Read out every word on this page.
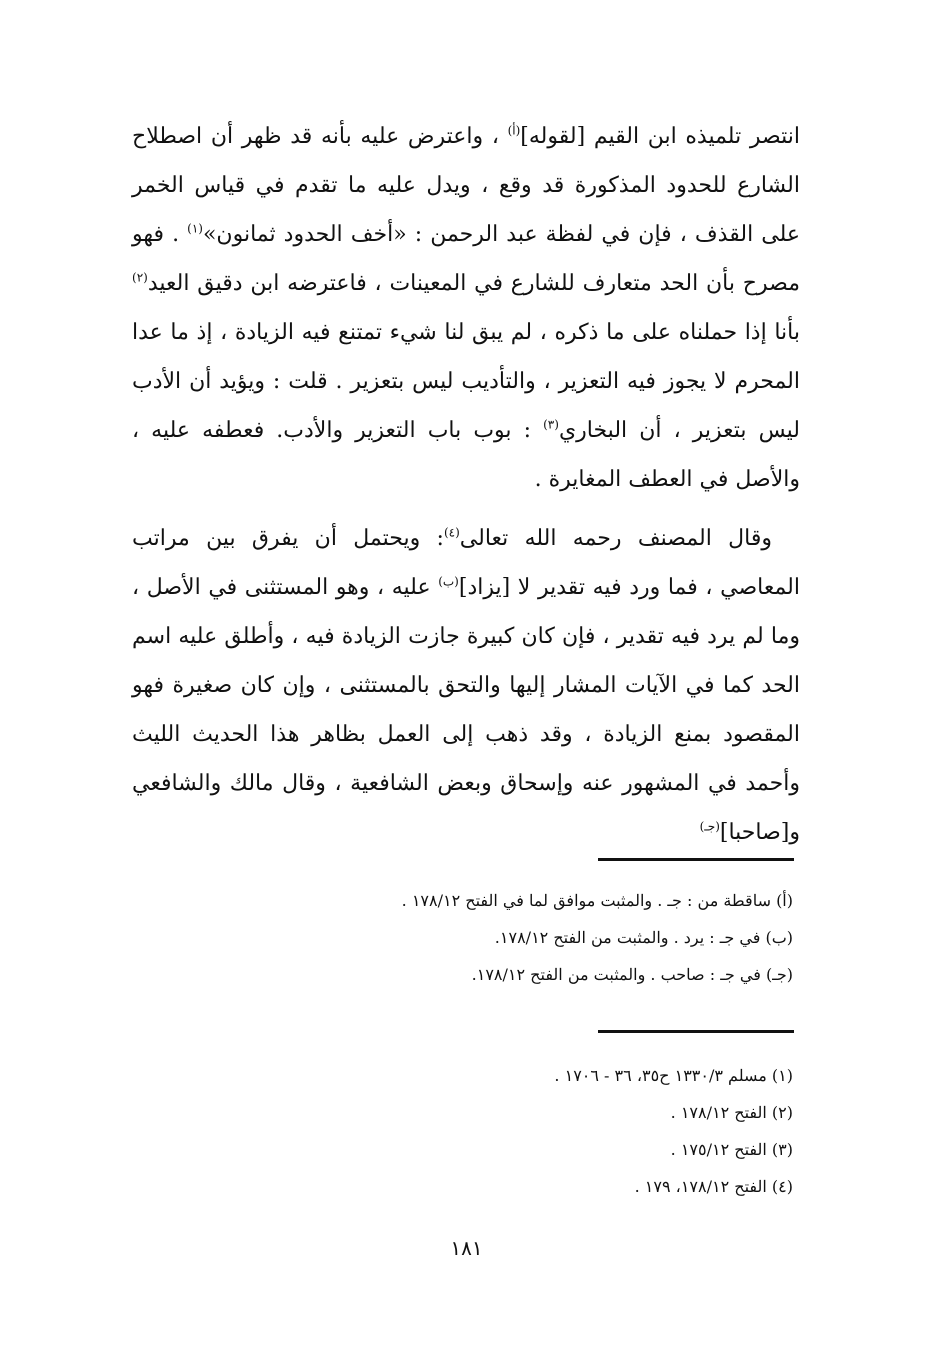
انتصر تلميذه ابن القيم [لقوله]$^{(أ)}$ ، واعترض عليه بأنه قد ظهر أن اصطلاح الشارع للحدود المذكورة قد وقع ، ويدل عليه ما تقدم في قياس الخمر على القذف ، فإن في لفظة عبد الرحمن : «أخف الحدود ثمانون»$^{(١)}$ . فهو مصرح بأن الحد متعارف للشارع في المعينات ، فاعترضه ابن دقيق العيد$^{(٢)}$ بأنا إذا حملناه على ما ذكره ، لم يبق لنا شيء تمتنع فيه الزيادة ، إذ ما عدا المحرم لا يجوز فيه التعزير ، والتأديب ليس بتعزير . قلت : ويؤيد أن الأدب ليس بتعزير ، أن البخاري$^{(٣)}$ : بوب باب التعزير والأدب. فعطفه عليه ، والأصل في العطف المغايرة .

وقال المصنف رحمه الله تعالى$^{(٤)}$: ويحتمل أن يفرق بين مراتب المعاصي ، فما ورد فيه تقدير لا [يزاد]$^{(ب)}$ عليه ، وهو المستثنى في الأصل ، وما لم يرد فيه تقدير ، فإن كان كبيرة جازت الزيادة فيه ، وأطلق عليه اسم الحد كما في الآيات المشار إليها والتحق بالمستثنى ، وإن كان صغيرة فهو المقصود بمنع الزيادة ، وقد ذهب إلى العمل بظاهر هذا الحديث الليث وأحمد في المشهور عنه وإسحاق وبعض الشافعية ، وقال مالك والشافعي و[صاحبا]$^{(جـ)}$

(أ) ساقطة من : جـ . والمثبت موافق لما في الفتح ١٧٨/١٢ .
(ب) في جـ : يرد . والمثبت من الفتح ١٧٨/١٢.
(جـ) في جـ : صاحب . والمثبت من الفتح ١٧٨/١٢.
(١) مسلم ١٣٣٠/٣ ح٣٥، ٣٦ - ١٧٠٦ .
(٢) الفتح ١٧٨/١٢ .
(٣) الفتح ١٧٥/١٢ .
(٤) الفتح ١٧٨/١٢، ١٧٩ .
١٨١
